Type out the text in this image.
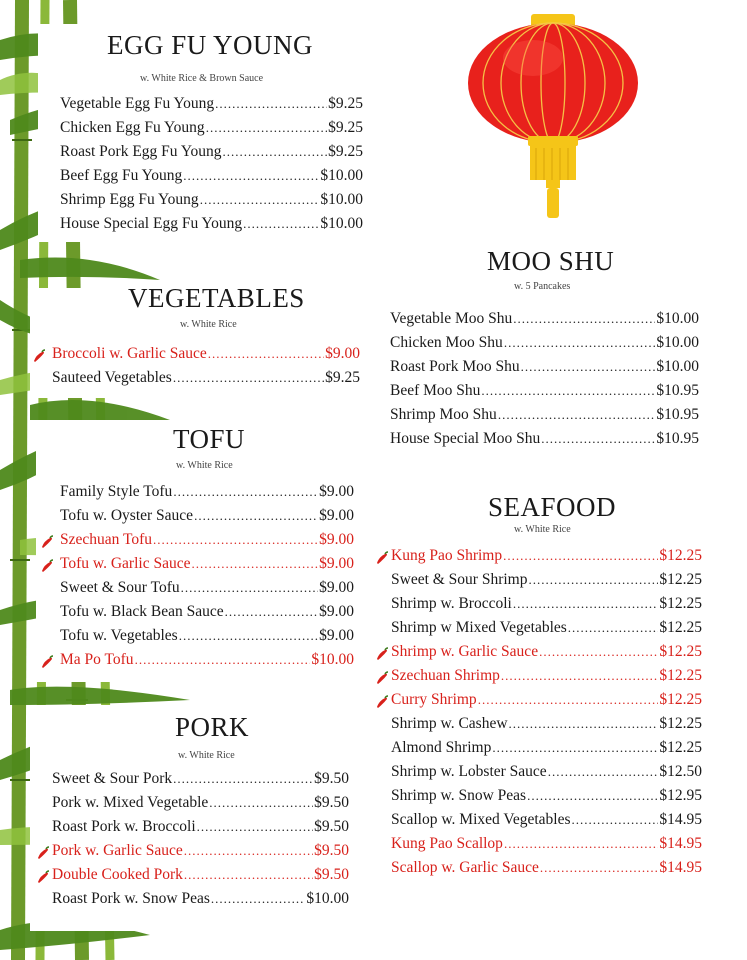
EGG FU YOUNG
w. White Rice & Brown Sauce
Vegetable Egg Fu Young .....	$9.25
Chicken Egg Fu Young .....	$9.25
Roast Pork Egg Fu Young .....	$9.25
Beef Egg Fu Young .....	$10.00
Shrimp Egg Fu Young .....	$10.00
House Special Egg Fu Young .....	$10.00
VEGETABLES
w. White Rice
Broccoli w. Garlic Sauce .....	$9.00
Sauteed Vegetables .....	$9.25
TOFU
w. White Rice
Family Style Tofu .....	$9.00
Tofu w. Oyster Sauce .....	$9.00
Szechuan Tofu .....	$9.00
Tofu w. Garlic Sauce .....	$9.00
Sweet & Sour Tofu .....	$9.00
Tofu w. Black Bean Sauce .....	$9.00
Tofu w. Vegetables .....	$9.00
Ma Po Tofu .....	$10.00
PORK
w. White Rice
Sweet & Sour Pork .....	$9.50
Pork w. Mixed Vegetable .....	$9.50
Roast Pork w. Broccoli .....	$9.50
Pork w. Garlic Sauce .....	$9.50
Double Cooked Pork .....	$9.50
Roast Pork w. Snow Peas .....	$10.00
MOO SHU
w. 5 Pancakes
Vegetable Moo Shu .....	$10.00
Chicken Moo Shu .....	$10.00
Roast Pork Moo Shu .....	$10.00
Beef Moo Shu .....	$10.95
Shrimp Moo Shu .....	$10.95
House Special Moo Shu .....	$10.95
SEAFOOD
w. White Rice
Kung Pao Shrimp .....	$12.25
Sweet & Sour Shrimp .....	$12.25
Shrimp w. Broccoli .....	$12.25
Shrimp w Mixed Vegetables .....	$12.25
Shrimp w. Garlic Sauce .....	$12.25
Szechuan Shrimp .....	$12.25
Curry Shrimp .....	$12.25
Shrimp w. Cashew .....	$12.25
Almond Shrimp .....	$12.25
Shrimp w. Lobster Sauce .....	$12.50
Shrimp w. Snow Peas .....	$12.95
Scallop w. Mixed Vegetables .....	$14.95
Kung Pao Scallop .....	$14.95
Scallop w. Garlic Sauce .....	$14.95
